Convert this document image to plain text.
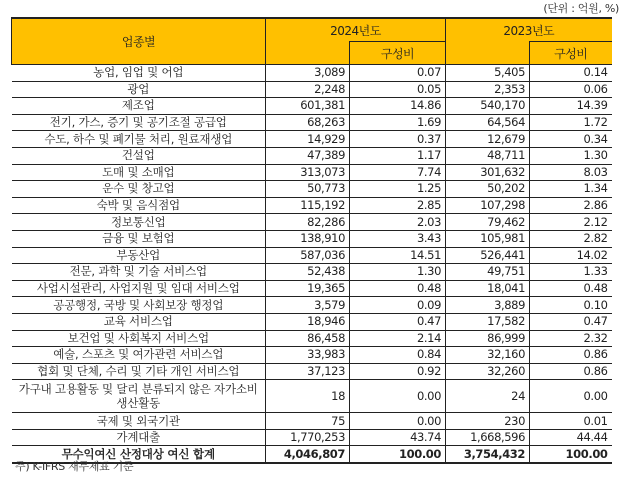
(단위 : 억원, %)
업종별	2024년도		2023년도	
		구성비		구성비
농업, 임업 및 어업	3,089	0.07	5,405	0.14
광업	2,248	0.05	2,353	0.06
제조업	601,381	14.86	540,170	14.39
전기, 가스, 증기 및 공기조절 공급업	68,263	1.69	64,564	1.72
수도, 하수 및 폐기물 처리, 원료재생업	14,929	0.37	12,679	0.34
건설업	47,389	1.17	48,711	1.30
도매 및 소매업	313,073	7.74	301,632	8.03
운수 및 창고업	50,773	1.25	50,202	1.34
숙박 및 음식점업	115,192	2.85	107,298	2.86
정보통신업	82,286	2.03	79,462	2.12
금융 및 보험업	138,910	3.43	105,981	2.82
부동산업	587,036	14.51	526,441	14.02
전문, 과학 및 기술 서비스업	52,438	1.30	49,751	1.33
사업시설관리, 사업지원 및 임대 서비스업	19,365	0.48	18,041	0.48
공공행정, 국방 및 사회보장 행정업	3,579	0.09	3,889	0.10
교육 서비스업	18,946	0.47	17,582	0.47
보건업 및 사회복지 서비스업	86,458	2.14	86,999	2.32
예술, 스포츠 및 여가관련 서비스업	33,983	0.84	32,160	0.86
협회 및 단체, 수리 및 기타 개인 서비스업	37,123	0.92	32,260	0.86
가구내 고용활동 및 달리 분류되지 않은 자가소비 생산활동	18	0.00	24	0.00
국제 및 외국기관	75	0.00	230	0.01
가계대출	1,770,253	43.74	1,668,596	44.44
무수익여신 산정대상 여신 합계	4,046,807	100.00	3,754,432	100.00
주) K-IFRS 재무제표 기준
